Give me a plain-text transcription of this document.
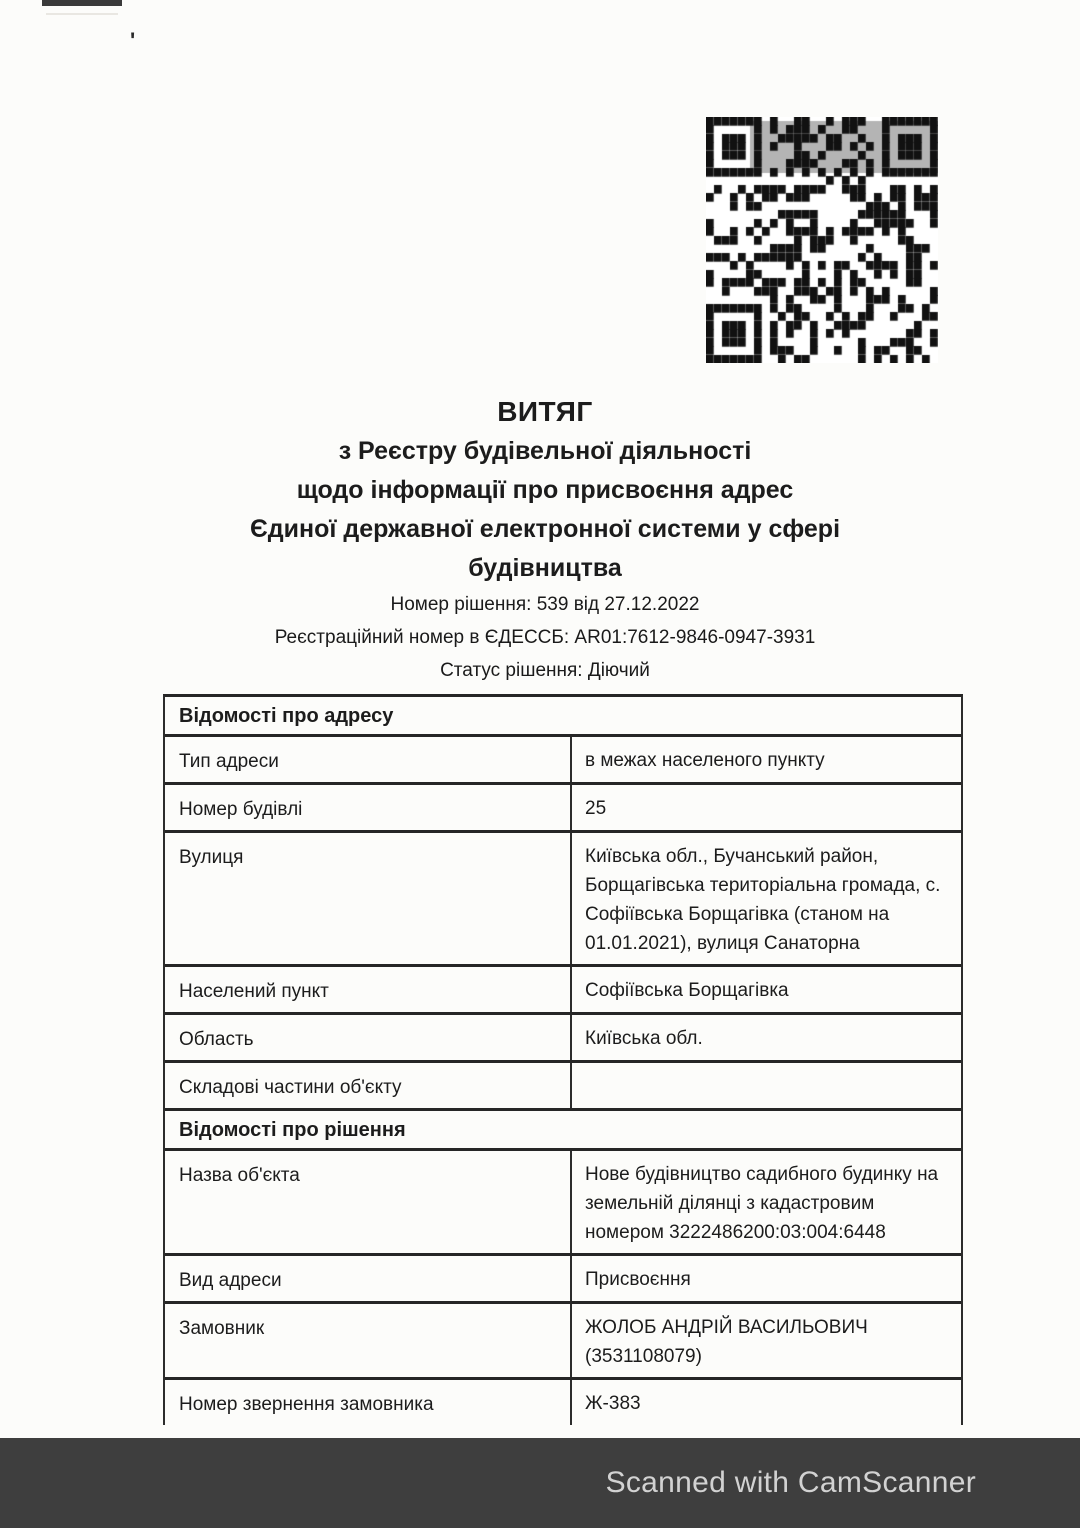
'
ВИТЯГ
з Реєстру будівельної діяльності
щодо інформації про присвоєння адрес
Єдиної державної електронної системи у сфері
будівництва
Номер рішення: 539 від 27.12.2022
Реєстраційний номер в ЄДЕССБ: AR01:7612-9846-0947-3931
Статус рішення: Діючий
Відомості про адресу
Тип адреси	в межах населеного пункту
Номер будівлі	25
Вулиця	Київська обл., Бучанський район, Борщагівська територіальна громада, с. Софіївська Борщагівка (станом на 01.01.2021), вулиця Санаторна
Населений пункт	Софіївська Борщагівка
Область	Київська обл.
Складові частини об'єкту
Відомості про рішення
Назва об'єкта	Нове будівництво садибного будинку на земельній ділянці з кадастровим номером 3222486200:03:004:6448
Вид адреси	Присвоєння
Замовник	ЖОЛОБ АНДРІЙ ВАСИЛЬОВИЧ (3531108079)
Номер звернення замовника	Ж-383
Scanned with CamScanner
